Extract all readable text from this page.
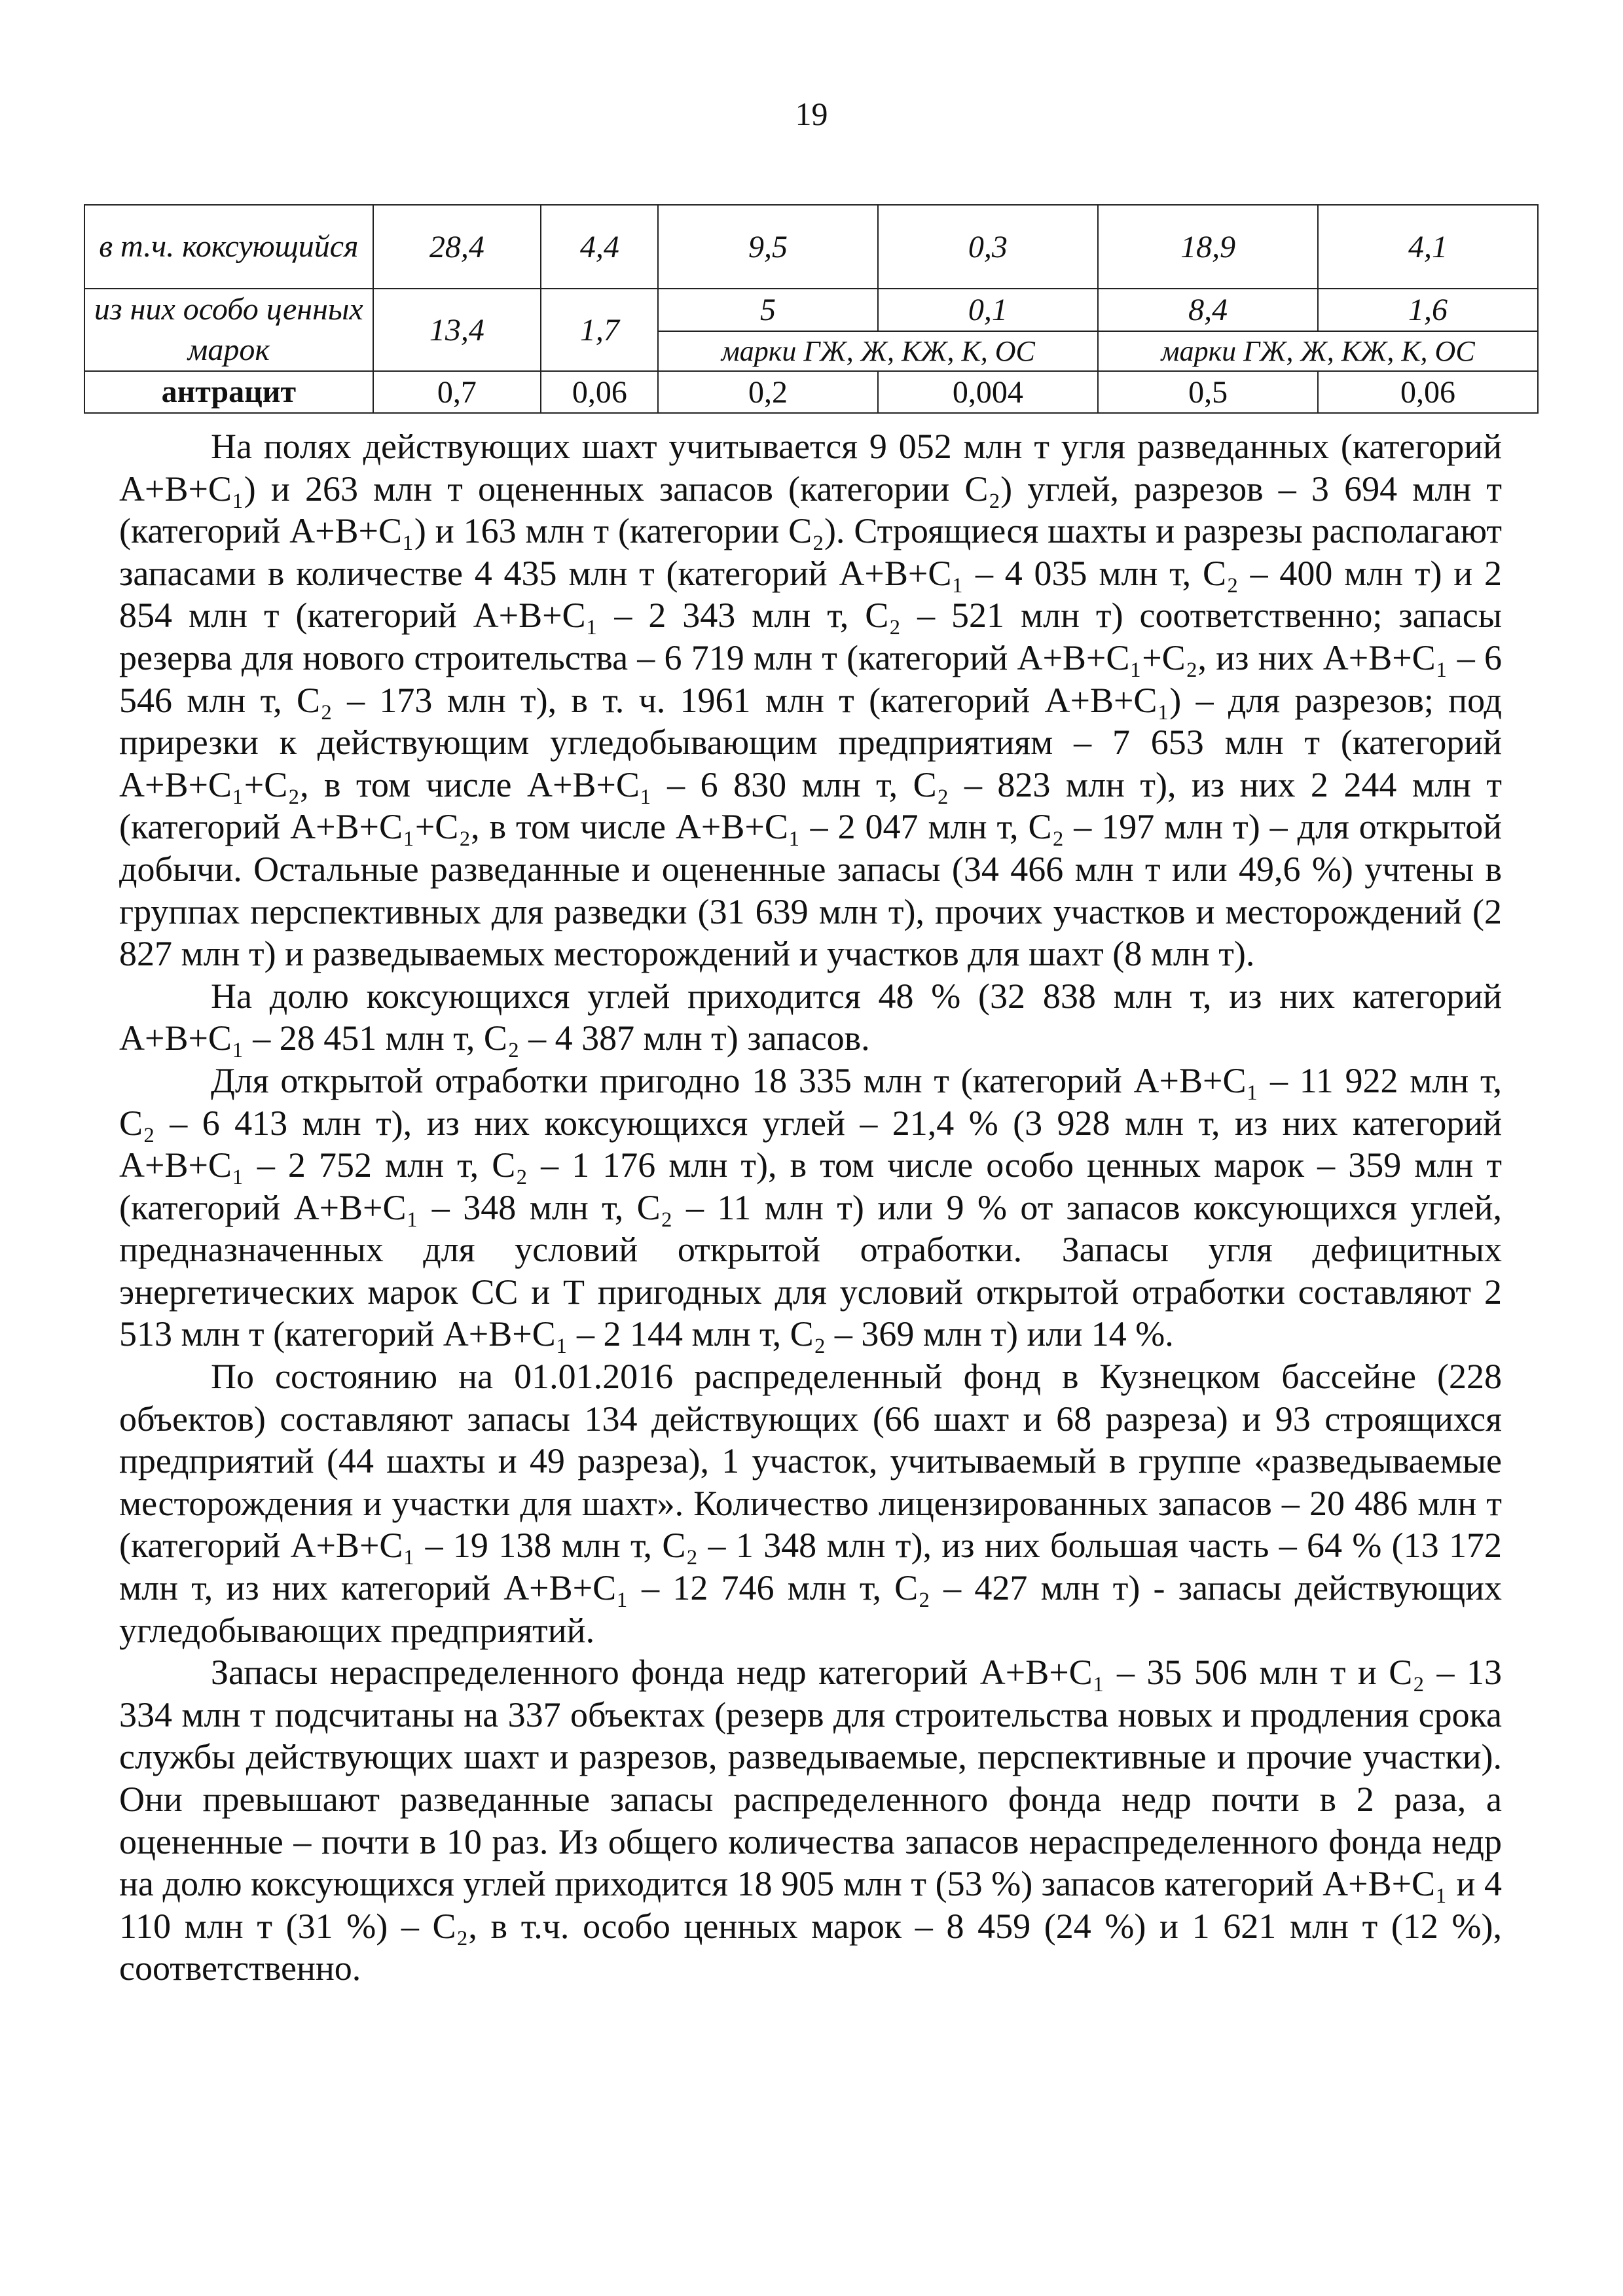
19
в т.ч. коксующийся	28,4	4,4	9,5	0,3	18,9	4,1
из них особо ценных марок	13,4	1,7	5	0,1	8,4	1,6
			марки ГЖ, Ж, КЖ, К, ОС		марки ГЖ, Ж, КЖ, К, ОС	
антрацит	0,7	0,06	0,2	0,004	0,5	0,06

На полях действующих шахт учитывается 9 052 млн т угля разведанных (категорий А+В+С₁) и 263 млн т оцененных запасов (категории С₂) углей, разрезов – 3 694 млн т (категорий А+В+С₁) и 163 млн т (категории С₂). Строящиеся шахты и разрезы располагают запасами в количестве 4 435 млн т (категорий А+В+С₁ – 4 035 млн т, С₂ – 400 млн т) и 2 854 млн т (категорий А+В+С₁ – 2 343 млн т, С₂ – 521 млн т) соответственно; запасы резерва для нового строительства – 6 719 млн т (категорий А+В+С₁+С₂, из них А+В+С₁ – 6 546 млн т, С₂ – 173 млн т), в т. ч. 1961 млн т (категорий А+В+С₁) – для разрезов; под прирезки к действующим угледобывающим предприятиям – 7 653 млн т (категорий А+В+С₁+С₂, в том числе А+В+С₁ – 6 830 млн т, С₂ – 823 млн т), из них 2 244 млн т (категорий А+В+С₁+С₂, в том числе А+В+С₁ – 2 047 млн т, С₂ – 197 млн т) – для открытой добычи. Остальные разведанные и оцененные запасы (34 466 млн т или 49,6 %) учтены в группах перспективных для разведки (31 639 млн т), прочих участков и месторождений (2 827 млн т) и разведываемых месторождений и участков для шахт (8 млн т).

На долю коксующихся углей приходится 48 % (32 838 млн т, из них категорий А+В+С₁ – 28 451 млн т, С₂ – 4 387 млн т) запасов.

Для открытой отработки пригодно 18 335 млн т (категорий А+В+С₁ – 11 922 млн т, С₂ – 6 413 млн т), из них коксующихся углей – 21,4 % (3 928 млн т, из них категорий А+В+С₁ – 2 752 млн т, С₂ – 1 176 млн т), в том числе особо ценных марок – 359 млн т (категорий А+В+С₁ – 348 млн т, С₂ – 11 млн т) или 9 % от запасов коксующихся углей, предназначенных для условий открытой отработки. Запасы угля дефицитных энергетических марок СС и Т пригодных для условий открытой отработки составляют 2 513 млн т (категорий А+В+С₁ – 2 144 млн т, С₂ – 369 млн т) или 14 %.

По состоянию на 01.01.2016 распределенный фонд в Кузнецком бассейне (228 объектов) составляют запасы 134 действующих (66 шахт и 68 разреза) и 93 строящихся предприятий (44 шахты и 49 разреза), 1 участок, учитываемый в группе «разведываемые месторождения и участки для шахт». Количество лицензированных запасов – 20 486 млн т (категорий А+В+С₁ – 19 138 млн т, С₂ – 1 348 млн т), из них большая часть – 64 % (13 172 млн т, из них категорий А+В+С₁ – 12 746 млн т, С₂ – 427 млн т) - запасы действующих угледобывающих предприятий.

Запасы нераспределенного фонда недр категорий А+В+С₁ – 35 506 млн т и С₂ – 13 334 млн т подсчитаны на 337 объектах (резерв для строительства новых и продления срока службы действующих шахт и разрезов, разведываемые, перспективные и прочие участки). Они превышают разведанные запасы распределенного фонда недр почти в 2 раза, а оцененные – почти в 10 раз. Из общего количества запасов нераспределенного фонда недр на долю коксующихся углей приходится 18 905 млн т (53 %) запасов категорий А+В+С₁ и 4 110 млн т (31 %) – С₂, в т.ч. особо ценных марок – 8 459 (24 %) и 1 621 млн т (12 %), соответственно.
